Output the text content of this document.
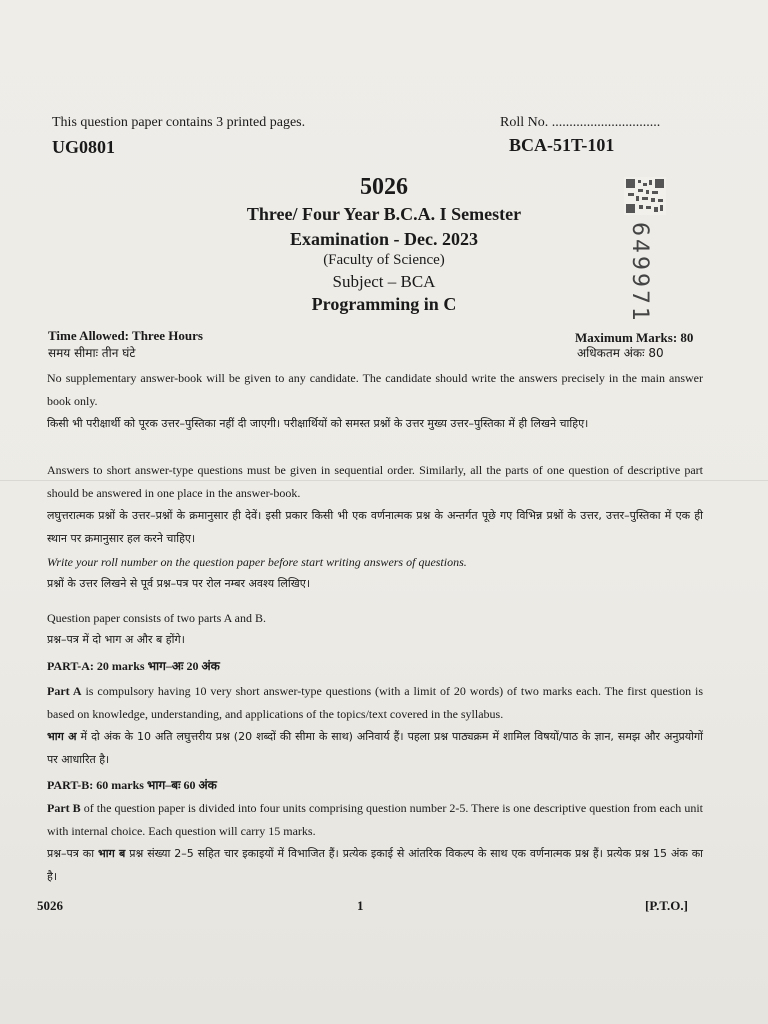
This question paper contains 3 printed pages.	Roll No. ...............................
UG0801	BCA-51T-101
5026
Three/ Four Year B.C.A. I Semester
Examination - Dec. 2023
(Faculty of Science)
Subject – BCA
Programming in C	649971
Time Allowed: Three Hours
समय सीमाः तीन घंटे
Maximum Marks: 80
अधिकतम अंकः 80
No supplementary answer-book will be given to any candidate. The candidate should write the answers precisely in the main answer book only.
किसी भी परीक्षार्थी को पूरक उत्तर–पुस्तिका नहीं दी जाएगी। परीक्षार्थियों को समस्त प्रश्नों के उत्तर मुख्य उत्तर–पुस्तिका में ही लिखने चाहिए।
Answers to short answer-type questions must be given in sequential order. Similarly, all the parts of one question of descriptive part should be answered in one place in the answer-book.
लघुत्तरात्मक प्रश्नों के उत्तर–प्रश्नों के क्रमानुसार ही देवें। इसी प्रकार किसी भी एक वर्णनात्मक प्रश्न के अन्तर्गत पूछे गए विभिन्न प्रश्नों के उत्तर, उत्तर–पुस्तिका में एक ही स्थान पर क्रमानुसार हल करने चाहिए।
Write your roll number on the question paper before start writing answers of questions.
प्रश्नों के उत्तर लिखने से पूर्व प्रश्न–पत्र पर रोल नम्बर अवश्य लिखिए।
Question paper consists of two parts A and B.
प्रश्न–पत्र में दो भाग अ और ब होंगे।
PART-A: 20 marks भाग–अः 20 अंक
Part A is compulsory having 10 very short answer-type questions (with a limit of 20 words) of two marks each. The first question is based on knowledge, understanding, and applications of the topics/text covered in the syllabus.
भाग अ में दो अंक के 10 अति लघुत्तरीय प्रश्न (20 शब्दों की सीमा के साथ) अनिवार्य हैं। पहला प्रश्न पाठ्यक्रम में शामिल विषयों/पाठ के ज्ञान, समझ और अनुप्रयोगों पर आधारित है।
PART-B: 60 marks भाग–बः 60 अंक
Part B of the question paper is divided into four units comprising question number 2-5. There is one descriptive question from each unit with internal choice. Each question will carry 15 marks.
प्रश्न–पत्र का भाग ब प्रश्न संख्या 2–5 सहित चार इकाइयों में विभाजित हैं। प्रत्येक इकाई से आंतरिक विकल्प के साथ एक वर्णनात्मक प्रश्न हैं। प्रत्येक प्रश्न 15 अंक का है।
5026	1	[P.T.O.]
